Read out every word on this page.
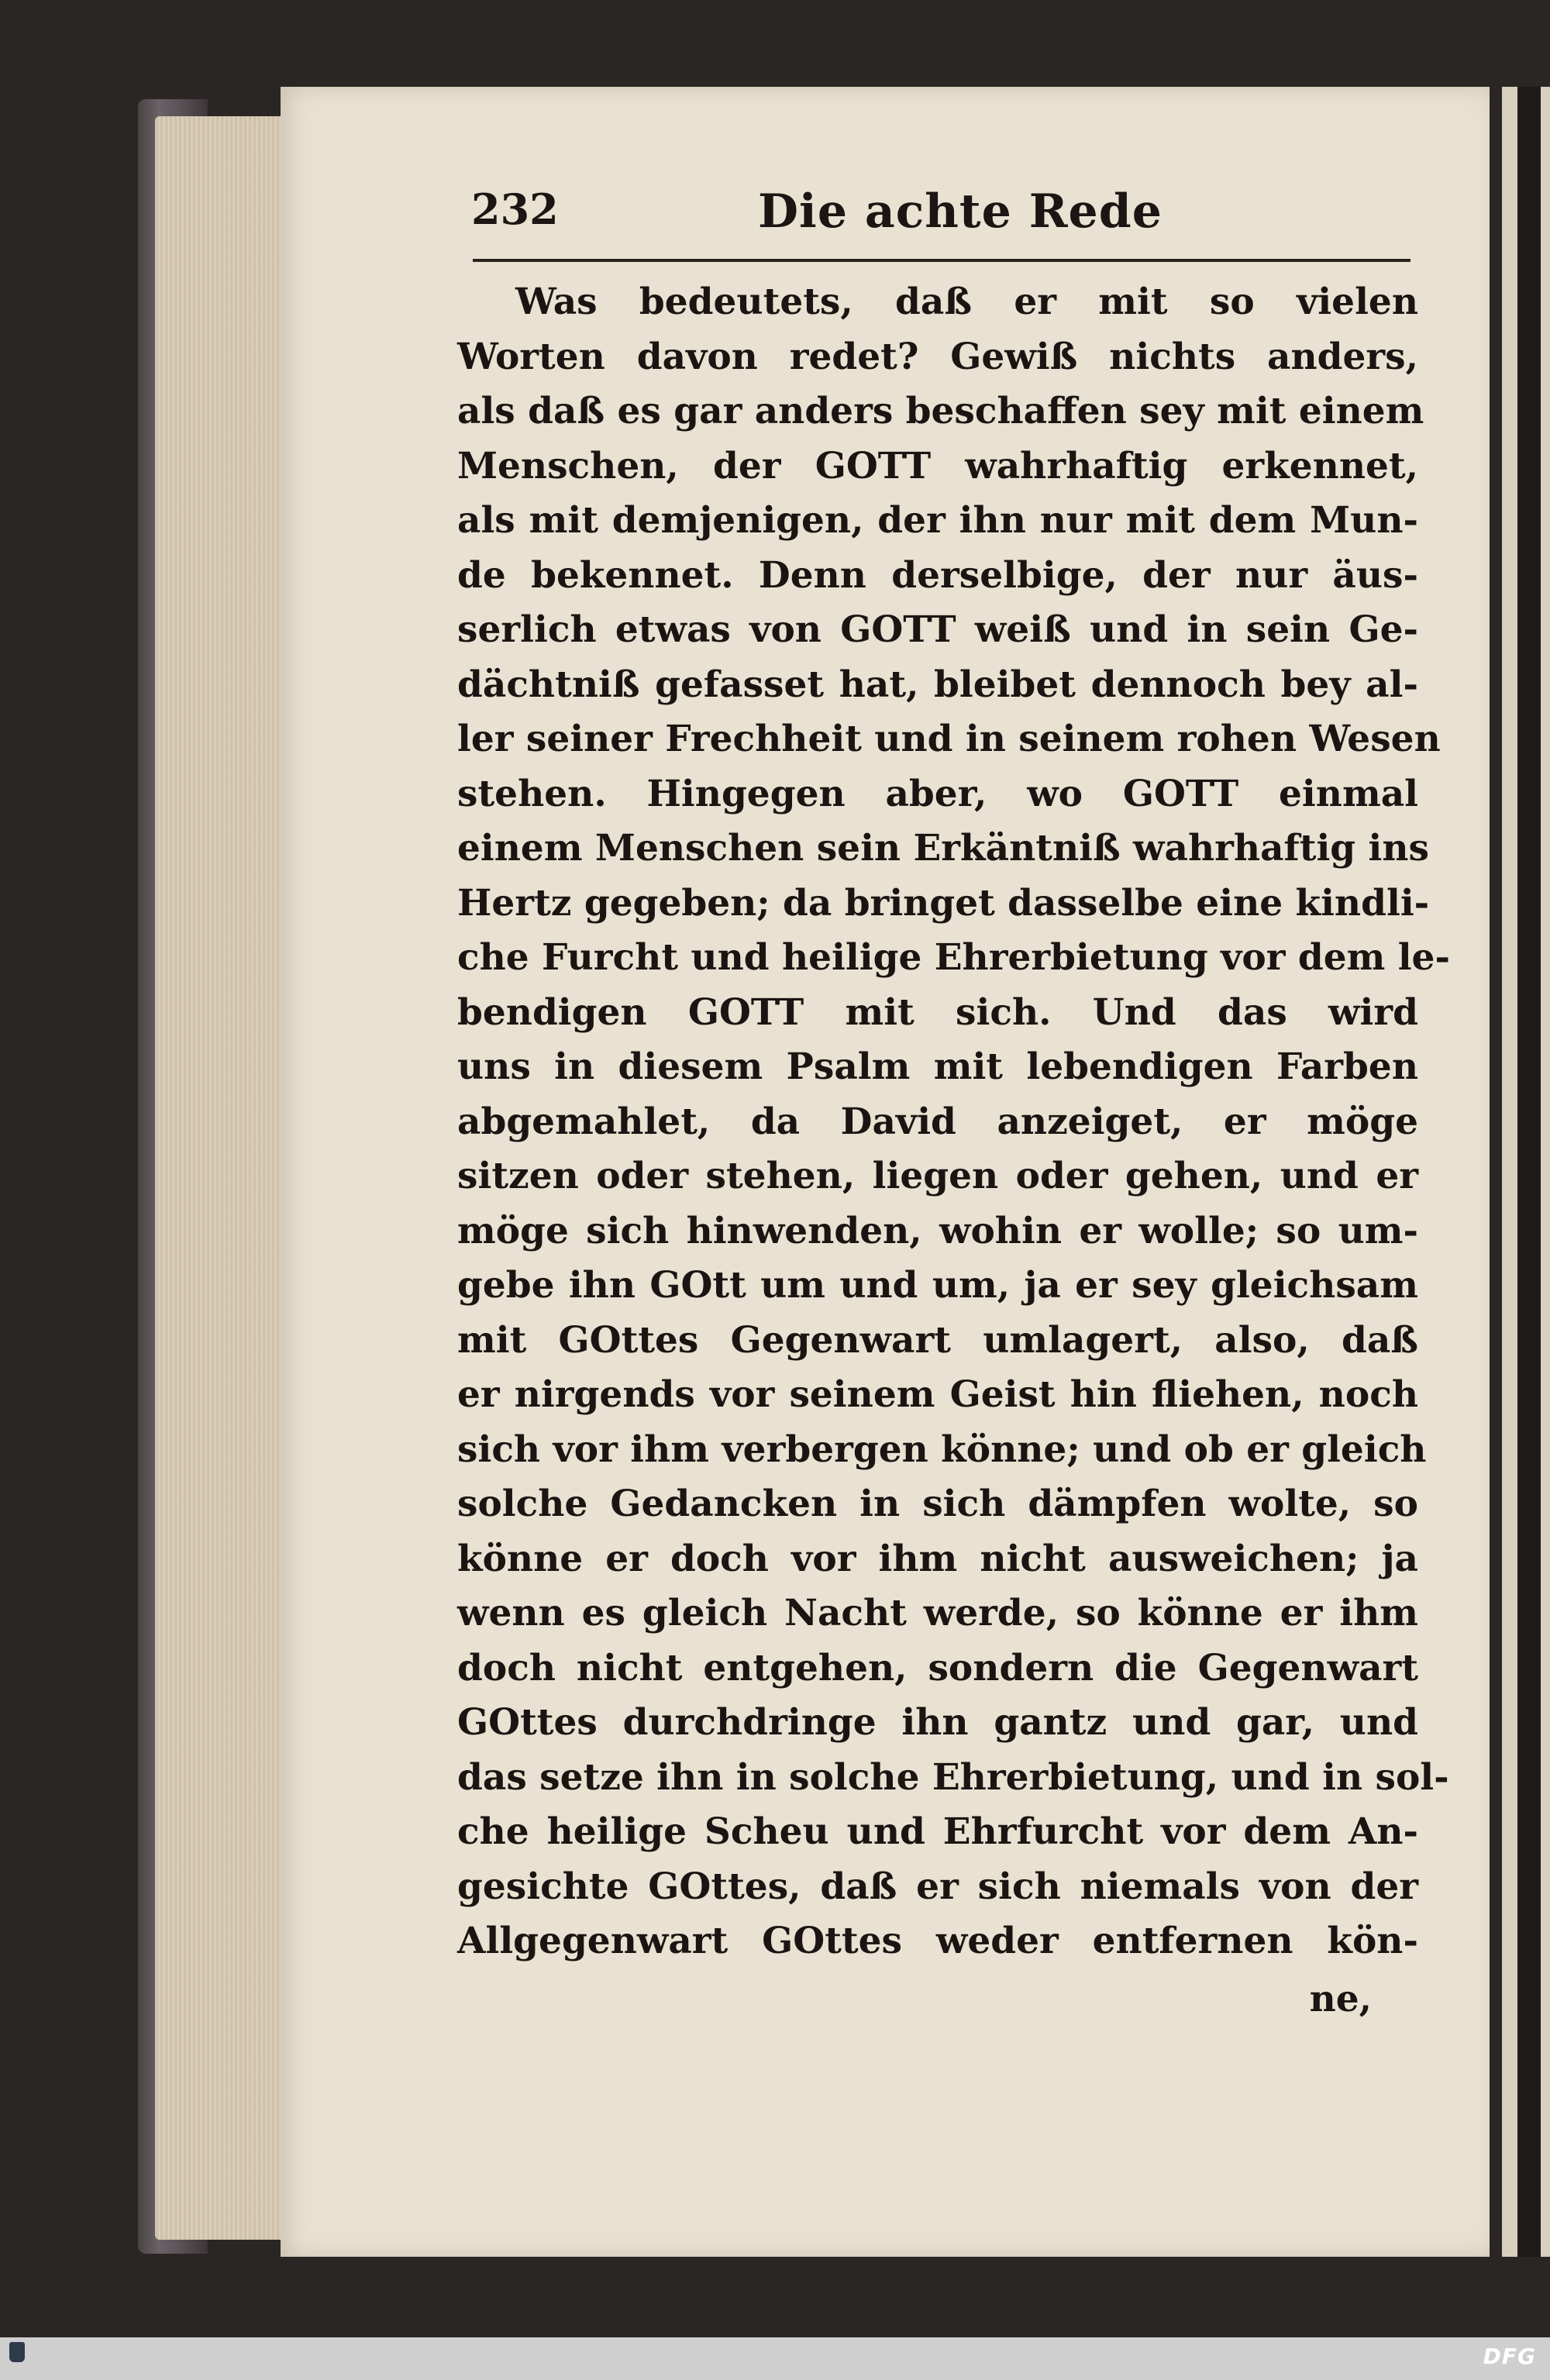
232	Die achte Rede
Was bedeutets, daß er mit so vielen
Worten davon redet? Gewiß nichts anders,
als daß es gar anders beschaffen sey mit einem
Menschen, der GOTT wahrhaftig erkennet,
als mit demjenigen, der ihn nur mit dem Mun-
de bekennet. Denn derselbige, der nur äus-
serlich etwas von GOTT weiß und in sein Ge-
dächtniß gefasset hat, bleibet dennoch bey al-
ler seiner Frechheit und in seinem rohen Wesen
stehen. Hingegen aber, wo GOTT einmal
einem Menschen sein Erkäntniß wahrhaftig ins
Hertz gegeben; da bringet dasselbe eine kindli-
che Furcht und heilige Ehrerbietung vor dem le-
bendigen GOTT mit sich. Und das wird
uns in diesem Psalm mit lebendigen Farben
abgemahlet, da David anzeiget, er möge
sitzen oder stehen, liegen oder gehen, und er
möge sich hinwenden, wohin er wolle; so um-
gebe ihn GOtt um und um, ja er sey gleichsam
mit GOttes Gegenwart umlagert, also, daß
er nirgends vor seinem Geist hin fliehen, noch
sich vor ihm verbergen könne; und ob er gleich
solche Gedancken in sich dämpfen wolte, so
könne er doch vor ihm nicht ausweichen; ja
wenn es gleich Nacht werde, so könne er ihm
doch nicht entgehen, sondern die Gegenwart
GOttes durchdringe ihn gantz und gar, und
das setze ihn in solche Ehrerbietung, und in sol-
che heilige Scheu und Ehrfurcht vor dem An-
gesichte GOttes, daß er sich niemals von der
Allgegenwart GOttes weder entfernen kön-
ne,
DFG
